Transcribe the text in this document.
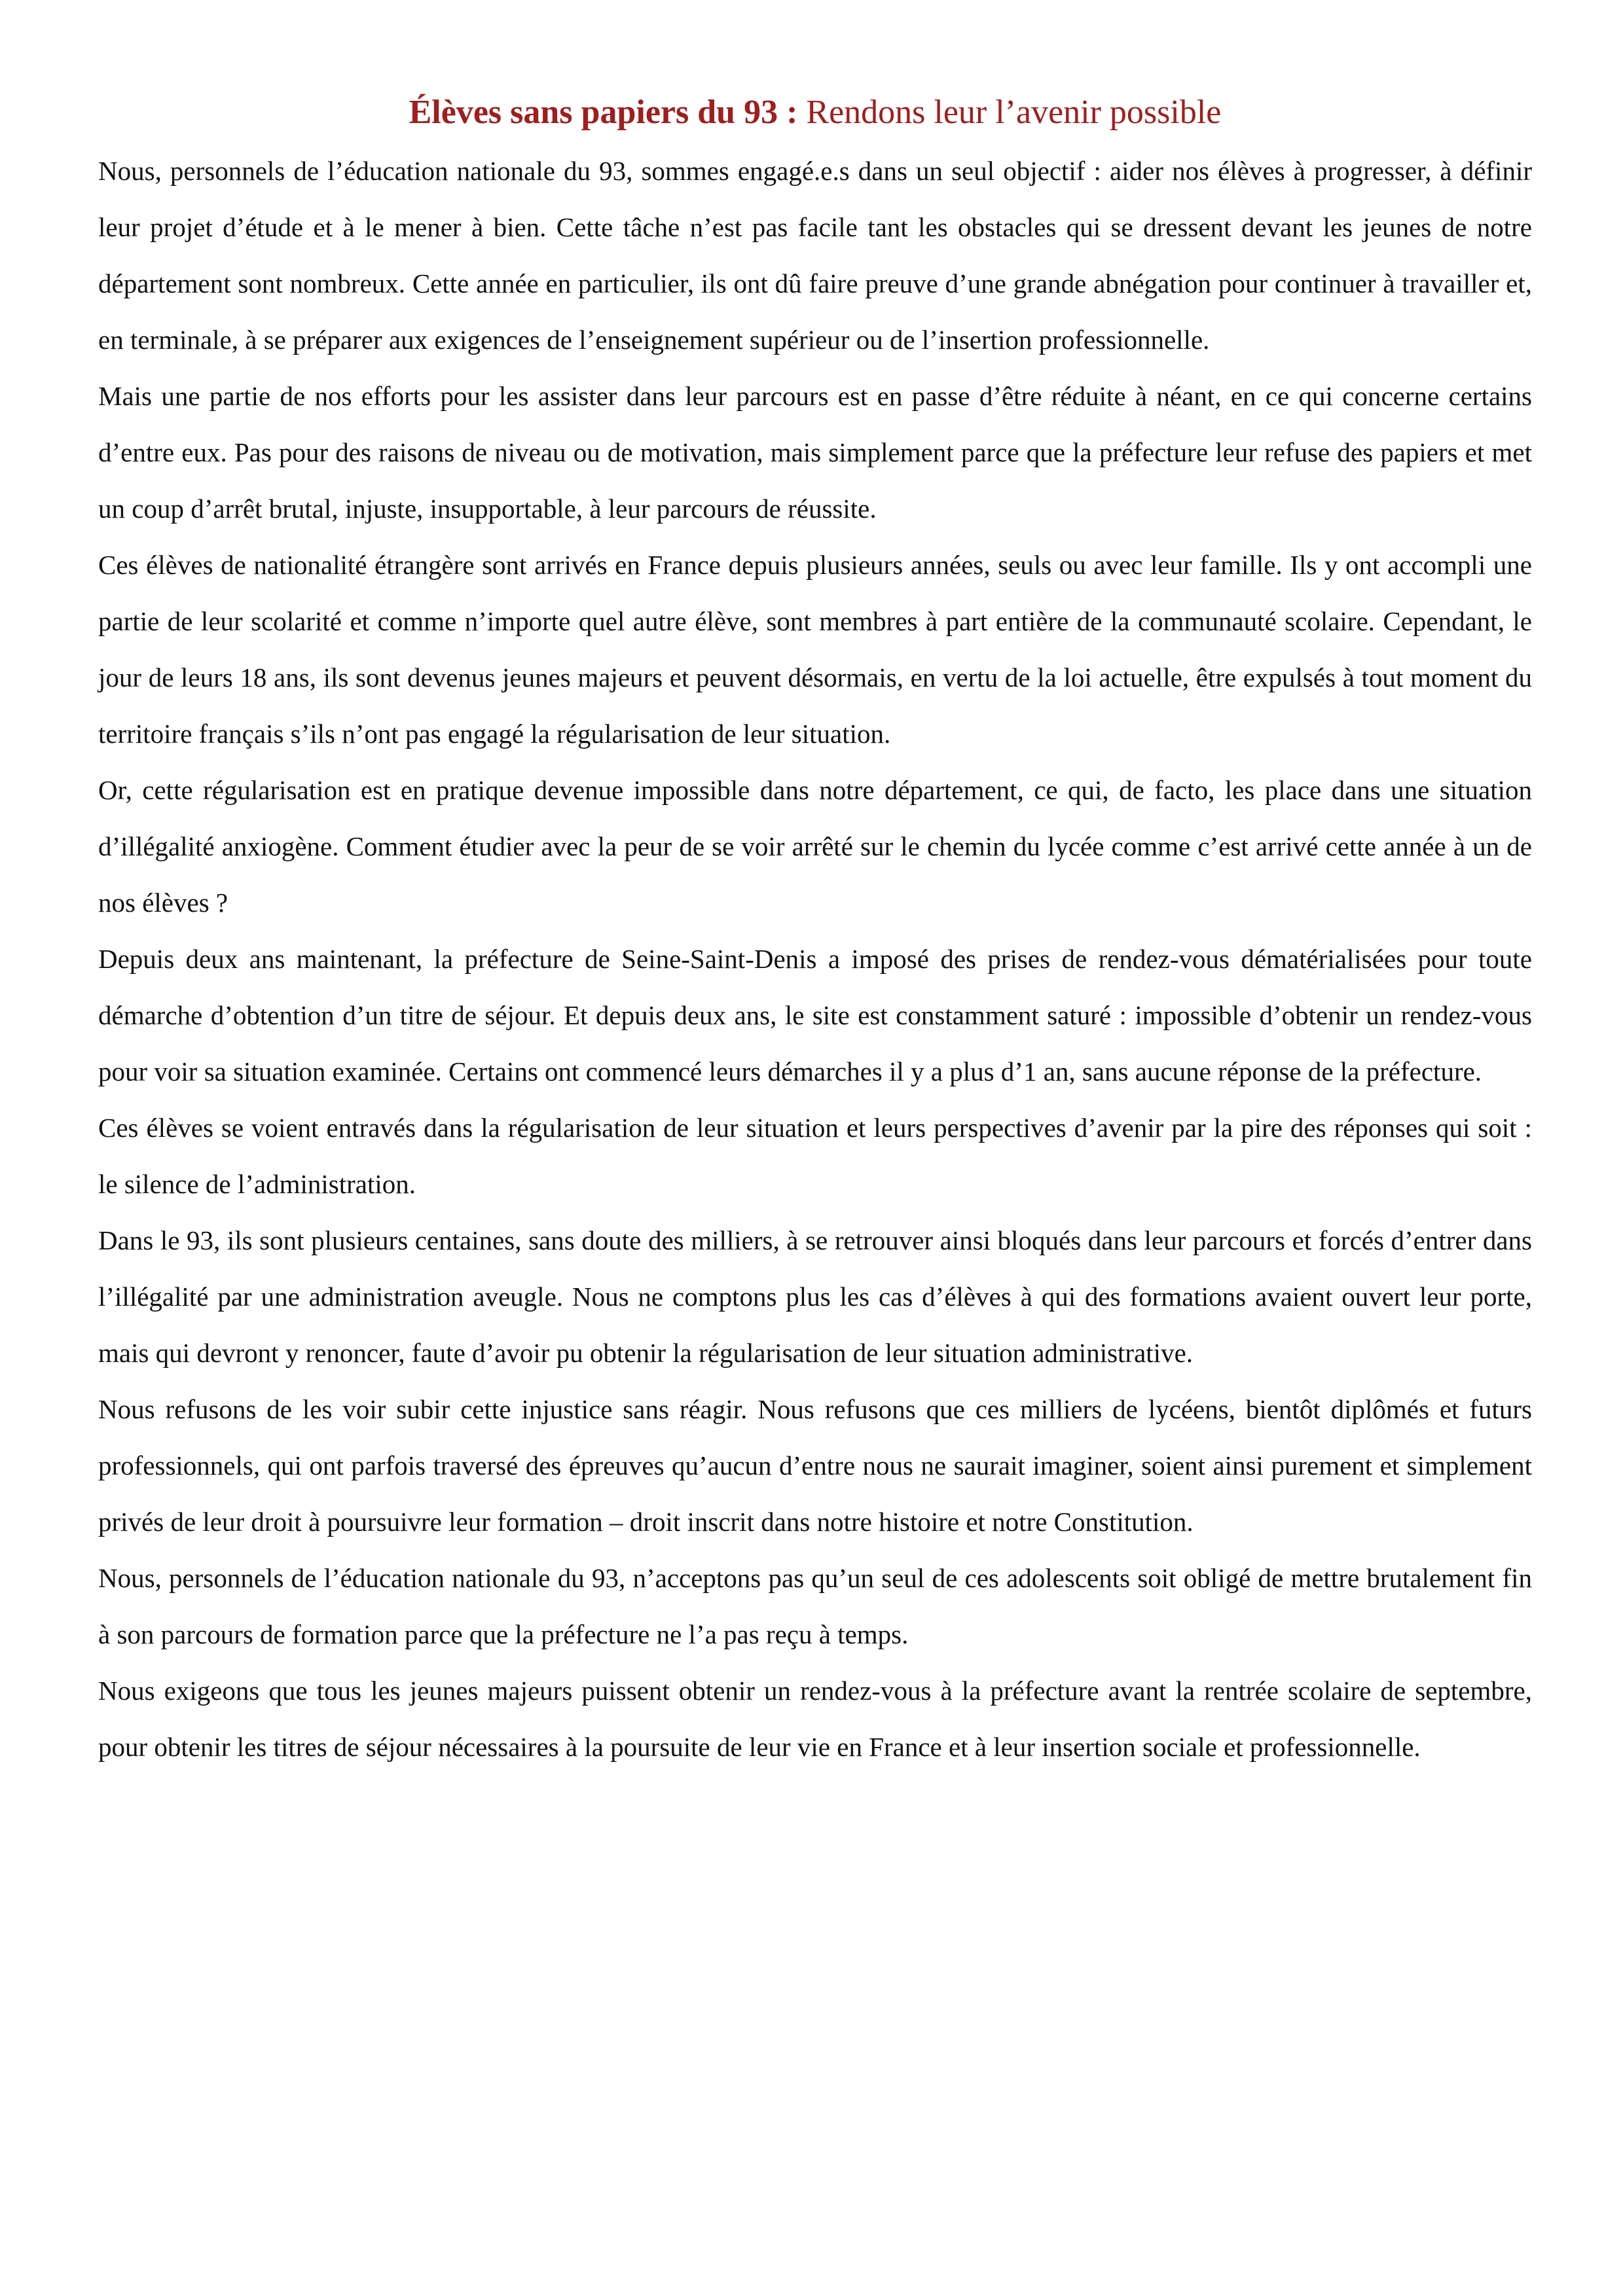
Élèves sans papiers du 93 : Rendons leur l’avenir possible

Nous, personnels de l’éducation nationale du 93, sommes engagé.e.s dans un seul objectif : aider nos élèves à progresser, à définir leur projet d’étude et à le mener à bien. Cette tâche n’est pas facile tant les obstacles qui se dressent devant les jeunes de notre département sont nombreux. Cette année en particulier, ils ont dû faire preuve d’une grande abnégation pour continuer à travailler et, en terminale, à se préparer aux exigences de l’enseignement supérieur ou de l’insertion professionnelle.

Mais une partie de nos efforts pour les assister dans leur parcours est en passe d’être réduite à néant, en ce qui concerne certains d’entre eux. Pas pour des raisons de niveau ou de motivation, mais simplement parce que la préfecture leur refuse des papiers et met un coup d’arrêt brutal, injuste, insupportable, à leur parcours de réussite.

Ces élèves de nationalité étrangère sont arrivés en France depuis plusieurs années, seuls ou avec leur famille. Ils y ont accompli une partie de leur scolarité et comme n’importe quel autre élève, sont membres à part entière de la communauté scolaire. Cependant, le jour de leurs 18 ans, ils sont devenus jeunes majeurs et peuvent désormais, en vertu de la loi actuelle, être expulsés à tout moment du territoire français s’ils n’ont pas engagé la régularisation de leur situation.

Or, cette régularisation est en pratique devenue impossible dans notre département, ce qui, de facto, les place dans une situation d’illégalité anxiogène. Comment étudier avec la peur de se voir arrêté sur le chemin du lycée comme c’est arrivé cette année à un de nos élèves ?

Depuis deux ans maintenant, la préfecture de Seine-Saint-Denis a imposé des prises de rendez-vous dématérialisées pour toute démarche d’obtention d’un titre de séjour. Et depuis deux ans, le site est constamment saturé : impossible d’obtenir un rendez-vous pour voir sa situation examinée. Certains ont commencé leurs démarches il y a plus d’1 an, sans aucune réponse de la préfecture.

Ces élèves se voient entravés dans la régularisation de leur situation et leurs perspectives d’avenir par la pire des réponses qui soit : le silence de l’administration.

Dans le 93, ils sont plusieurs centaines, sans doute des milliers, à se retrouver ainsi bloqués dans leur parcours et forcés d’entrer dans l’illégalité par une administration aveugle. Nous ne comptons plus les cas d’élèves à qui des formations avaient ouvert leur porte, mais qui devront y renoncer, faute d’avoir pu obtenir la régularisation de leur situation administrative.

Nous refusons de les voir subir cette injustice sans réagir. Nous refusons que ces milliers de lycéens, bientôt diplômés et futurs professionnels, qui ont parfois traversé des épreuves qu’aucun d’entre nous ne saurait imaginer, soient ainsi purement et simplement privés de leur droit à poursuivre leur formation – droit inscrit dans notre histoire et notre Constitution.

Nous, personnels de l’éducation nationale du 93, n’acceptons pas qu’un seul de ces adolescents soit obligé de mettre brutalement fin à son parcours de formation parce que la préfecture ne l’a pas reçu à temps.

Nous exigeons que tous les jeunes majeurs puissent obtenir un rendez-vous à la préfecture avant la rentrée scolaire de septembre, pour obtenir les titres de séjour nécessaires à la poursuite de leur vie en France et à leur insertion sociale et professionnelle.
